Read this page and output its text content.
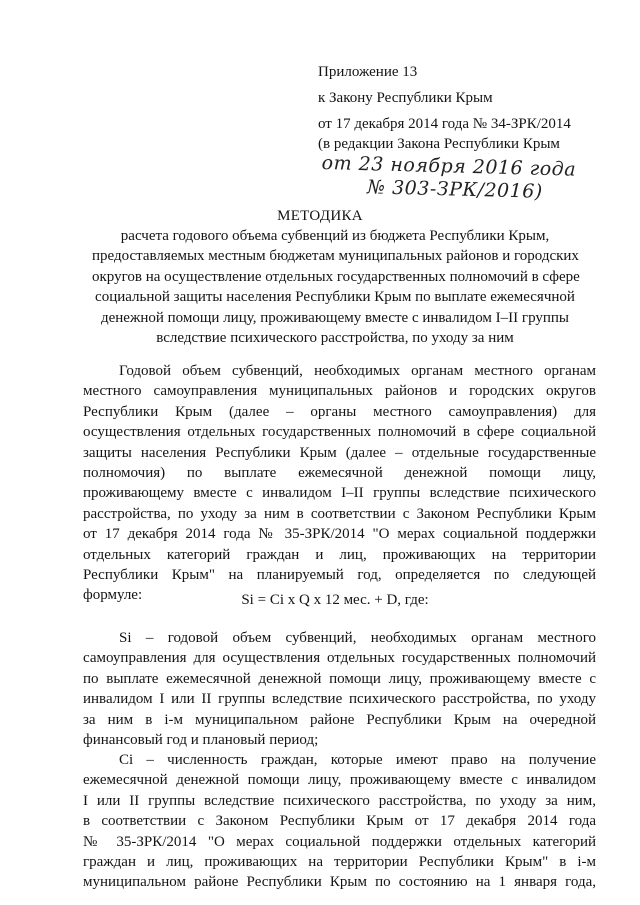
Приложение 13
к Закону Республики Крым
от 17 декабря 2014 года № 34-ЗРК/2014
(в редакции Закона Республики Крым
от 23 ноября 2016 года
№ 303-ЗРК/2016)
МЕТОДИКА
расчета годового объема субвенций из бюджета Республики Крым,
предоставляемых местным бюджетам муниципальных районов и городских
округов на осуществление отдельных государственных полномочий в сфере
социальной защиты населения Республики Крым по выплате ежемесячной
денежной помощи лицу, проживающему вместе с инвалидом I–II группы
вследствие психического расстройства, по уходу за ним
Годовой объем субвенций, необходимых органам местного органам
местного самоуправления муниципальных районов и городских округов
Республики Крым (далее – органы местного самоуправления) для
осуществления отдельных государственных полномочий в сфере социальной
защиты населения Республики Крым (далее – отдельные государственные
полномочия) по выплате ежемесячной денежной помощи лицу,
проживающему вместе с инвалидом I–II группы вследствие психического
расстройства, по уходу за ним в соответствии с Законом Республики Крым
от 17 декабря 2014 года № 35-ЗРК/2014 "О мерах социальной поддержки
отдельных категорий граждан и лиц, проживающих на территории
Республики Крым" на планируемый год, определяется по следующей
формуле:	Si = Ci x Q x 12 мес. + D, где:
Si – годовой объем субвенций, необходимых органам местного
самоуправления для осуществления отдельных государственных полномочий
по выплате ежемесячной денежной помощи лицу, проживающему вместе с
инвалидом I или II группы вследствие психического расстройства, по уходу
за ним в i-м муниципальном районе Республики Крым на очередной
финансовый год и плановый период;
Ci – численность граждан, которые имеют право на получение
ежемесячной денежной помощи лицу, проживающему вместе с инвалидом
I или II группы вследствие психического расстройства, по уходу за ним,
в соответствии с Законом Республики Крым от 17 декабря 2014 года
№ 35-ЗРК/2014 "О мерах социальной поддержки отдельных категорий
граждан и лиц, проживающих на территории Республики Крым" в i-м
муниципальном районе Республики Крым по состоянию на 1 января года,
